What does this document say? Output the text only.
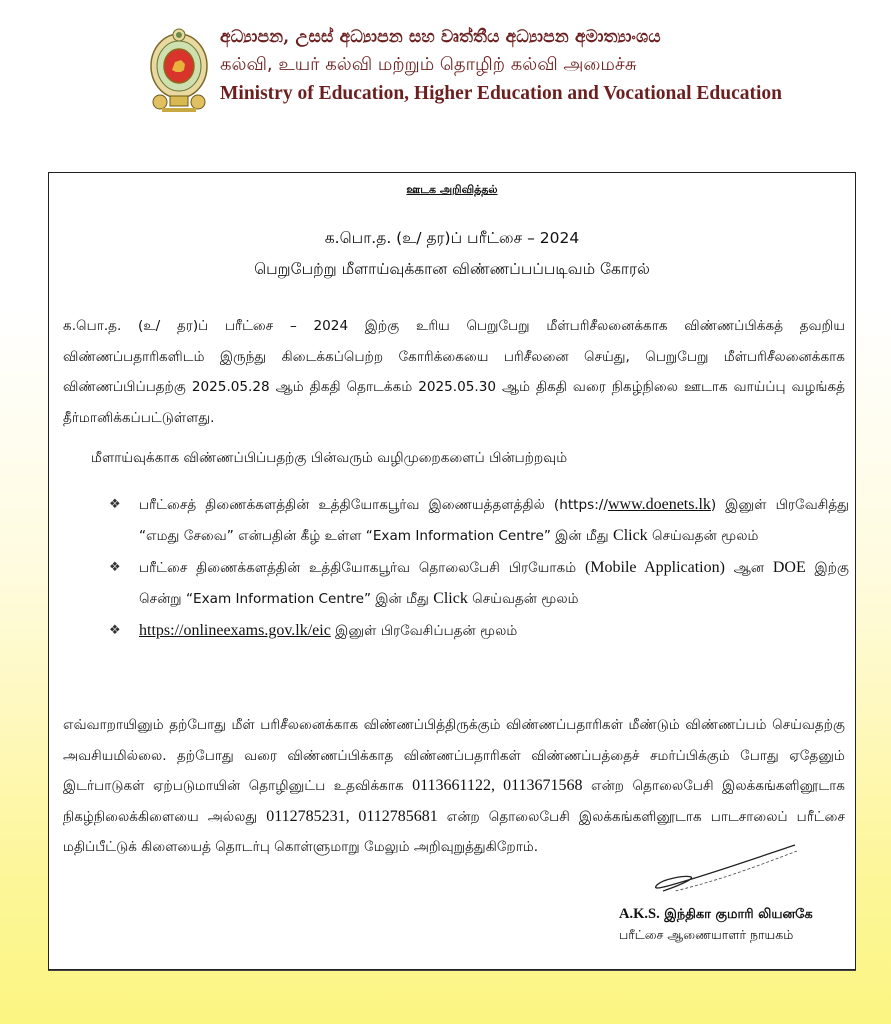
අධ්‍යාපන, උසස් අධ්‍යාපන සහ වෘත්තීය අධ්‍යාපන අමාත්‍යාංශය
கல்வி, உயர் கல்வி மற்றும் தொழிற் கல்வி அமைச்சு
Ministry of Education, Higher Education and Vocational Education
ஊடக அறிவித்தல்
க.பொ.த. (உ/ தர)ப் பரீட்சை – 2024
பெறுபேற்று மீளாய்வுக்கான விண்ணப்பப்படிவம் கோரல்
க.பொ.த. (உ/ தர)ப் பரீட்சை – 2024 இற்கு உரிய பெறுபேறு மீள்பரிசீலனைக்காக விண்ணப்பிக்கத் தவறிய விண்ணப்பதாரிகளிடம் இருந்து கிடைக்கப்பெற்ற கோரிக்கையை பரிசீலனை செய்து, பெறுபேறு மீள்பரிசீலனைக்காக விண்ணப்பிப்பதற்கு 2025.05.28 ஆம் திகதி தொடக்கம் 2025.05.30 ஆம் திகதி வரை நிகழ்நிலை ஊடாக வாய்ப்பு வழங்கத் தீர்மானிக்கப்பட்டுள்ளது.
மீளாய்வுக்காக விண்ணப்பிப்பதற்கு பின்வரும் வழிமுறைகளைப் பின்பற்றவும்
❖ பரீட்சைத் திணைக்களத்தின் உத்தியோகபூர்வ இணையத்தளத்தில் (https://www.doenets.lk) இனுள் பிரவேசித்து “எமது சேவை” என்பதின் கீழ் உள்ள “Exam Information Centre” இன் மீது Click செய்வதன் மூலம்
❖ பரீட்சை திணைக்களத்தின் உத்தியோகபூர்வ தொலைபேசி பிரயோகம் (Mobile Application) ஆன DOE இற்கு சென்று “Exam Information Centre” இன் மீது Click செய்வதன் மூலம்
❖ https://onlineexams.gov.lk/eic இனுள் பிரவேசிப்பதன் மூலம்
எவ்வாறாயினும் தற்போது மீள் பரிசீலனைக்காக விண்ணப்பித்திருக்கும் விண்ணப்பதாரிகள் மீண்டும் விண்ணப்பம் செய்வதற்கு அவசியமில்லை. தற்போது வரை விண்ணப்பிக்காத விண்ணப்பதாரிகள் விண்ணப்பத்தைச் சமர்ப்பிக்கும் போது ஏதேனும் இடர்பாடுகள் ஏற்படுமாயின் தொழினுட்ப உதவிக்காக 0113661122, 0113671568 என்ற தொலைபேசி இலக்கங்களினூடாக நிகழ்நிலைக்கிளையை அல்லது 0112785231, 0112785681 என்ற தொலைபேசி இலக்கங்களினூடாக பாடசாலைப் பரீட்சை மதிப்பீட்டுக் கிளையைத் தொடர்பு கொள்ளுமாறு மேலும் அறிவுறுத்துகிறோம்.
A.K.S. இந்திகா குமாரி லியனகே
பரீட்சை ஆணையாளர் நாயகம்
